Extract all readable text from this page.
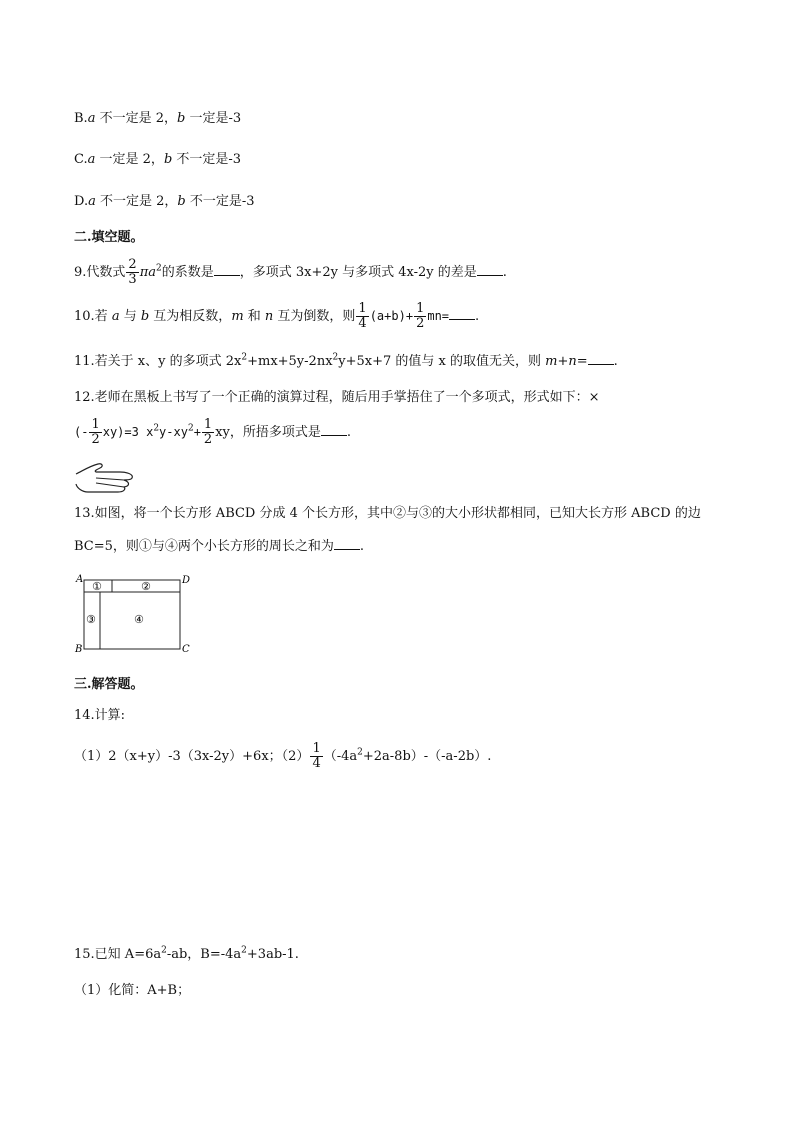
B.a 不一定是 2，b 一定是-3
C.a 一定是 2，b 不一定是-3
D.a 不一定是 2，b 不一定是-3
二.填空题。
9.代数式 $\frac{2}{3} \pi a^2$的系数是 ，多项式 3x+2y 与多项式 4x-2y 的差是 .
10.若 a 与 b 互为相反数，m 和 n 互为倒数，则 $\frac{1}{4} (a+b)+ \frac{1}{2} mn=$ .
11.若关于 x、y 的多项式 $2x^2+mx+5y-2nx^2y+5x+7$ 的值与 x 的取值无关，则 m+n= .
12.老师在黑板上书写了一个正确的演算过程，随后用手掌捂住了一个多项式，形式如下：×
(- $\frac{1}{2} xy)=3$ $x^2y-xy^2+ \frac{1}{2}$ xy，所捂多项式是 .
13.如图，将一个长方形 ABCD 分成 4 个长方形，其中②与③的大小形状都相同，已知大长方形 ABCD 的边
BC=5，则①与④两个小长方形的周长之和为 .
A	D
B	C
①	②
③	④
三.解答题。
14.计算:
（1）2（x+y）-3（3x-2y）+6x；$(2) \frac{1}{4} (-4a^2+2a-8b)-(-a-2b)$.
15.已知 $A=6a^2-ab$，$B=-4a^2+3ab-1$.
（1）化简：A+B；
